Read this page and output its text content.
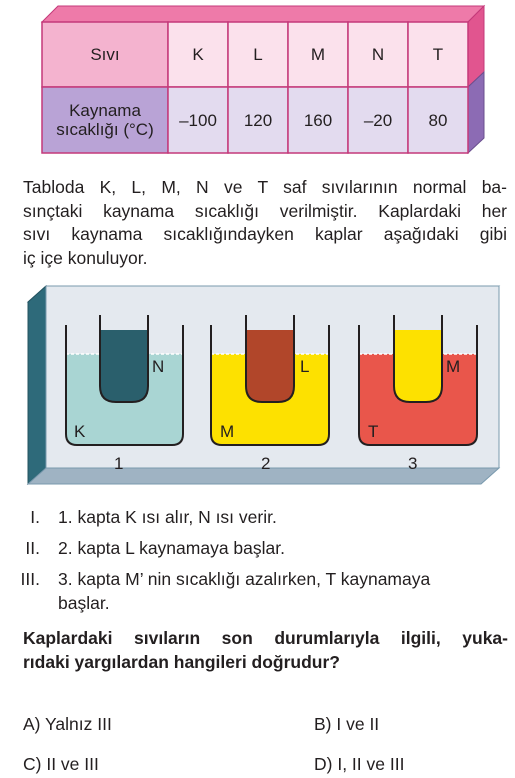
Sıvı	K	L	M	N	T
Kaynama
sıcaklığı (°C)	–100	120	160	–20	80
Tabloda K, L, M, N ve T saf sıvılarının normal ba-
sınçtaki kaynama sıcaklığı verilmiştir. Kaplardaki her
sıvı kaynama sıcaklığındayken kaplar aşağıdaki gibi
iç içe konuluyor.
N
K
1
L
M
2
M
T
3
I. 1. kapta K ısı alır, N ısı verir.
II. 2. kapta L kaynamaya başlar.
III. 3. kapta M’ nin sıcaklığı azalırken, T kaynamaya
başlar.
Kaplardaki sıvıların son durumlarıyla ilgili, yuka-
rıdaki yargılardan hangileri doğrudur?
A) Yalnız III	B) I ve II
C) II ve III	D) I, II ve III
